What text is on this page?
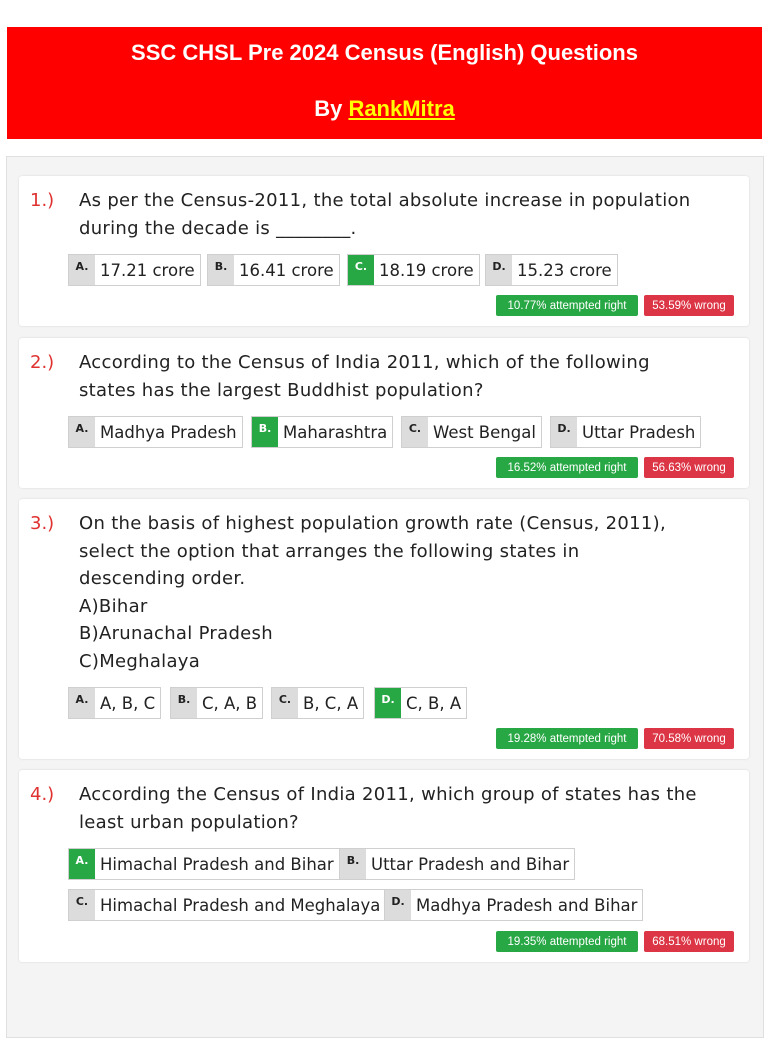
SSC CHSL Pre 2024 Census (English) Questions
By RankMitra
1.) As per the Census-2011, the total absolute increase in population
during the decade is ________.
A. 17.21 crore	B. 16.41 crore	C. 18.19 crore	D. 15.23 crore
10.77% attempted right	53.59% wrong
2.) According to the Census of India 2011, which of the following
states has the largest Buddhist population?
A. Madhya Pradesh	B. Maharashtra	C. West Bengal	D. Uttar Pradesh
16.52% attempted right	56.63% wrong
3.) On the basis of highest population growth rate (Census, 2011),
select the option that arranges the following states in
descending order.
A)Bihar
B)Arunachal Pradesh
C)Meghalaya
A. A, B, C	B. C, A, B	C. B, C, A	D. C, B, A
19.28% attempted right	70.58% wrong
4.) According the Census of India 2011, which group of states has the
least urban population?
A. Himachal Pradesh and Bihar	B. Uttar Pradesh and Bihar
C. Himachal Pradesh and Meghalaya D. Madhya Pradesh and Bihar
19.35% attempted right	68.51% wrong
